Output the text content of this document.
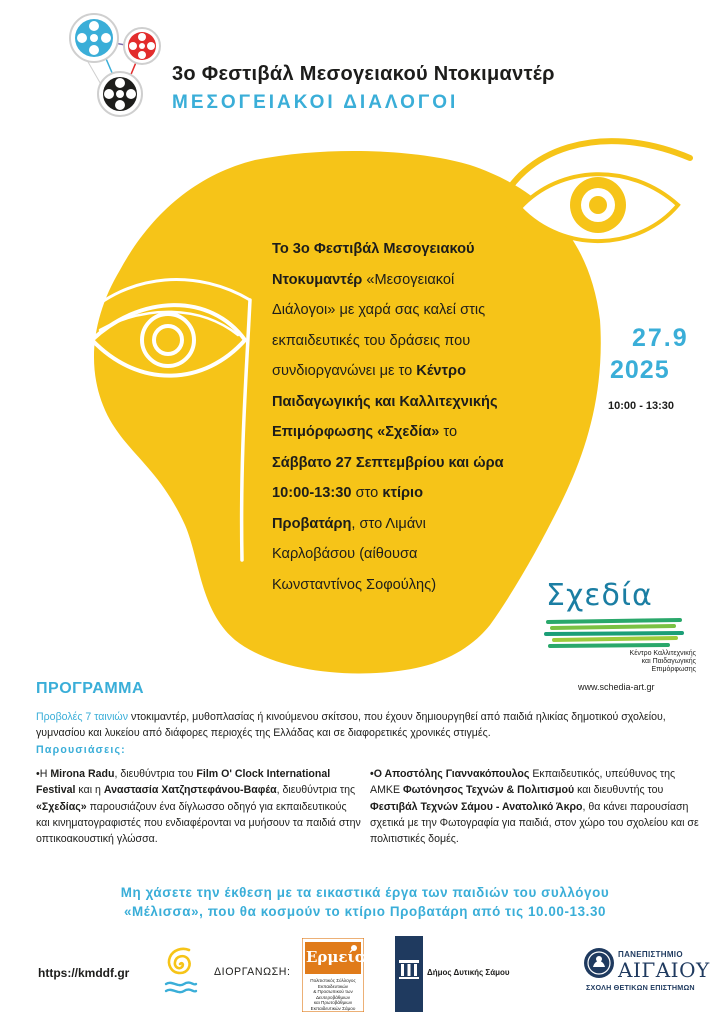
3ο Φεστιβάλ Μεσογειακού Ντοκιμαντέρ
ΜΕΣΟΓΕΙΑΚΟΙ ΔΙΑΛΟΓΟΙ
Το 3ο Φεστιβάλ Μεσογειακού
Ντοκυμαντέρ «Μεσογειακοί
Διάλογοι» με χαρά σας καλεί στις
εκπαιδευτικές του δράσεις που
συνδιοργανώνει με το Κέντρο
Παιδαγωγικής και Καλλιτεχνικής
Επιμόρφωσης «Σχεδία» το
Σάββατο 27 Σεπτεμβρίου και ώρα
10:00-13:30 στο κτίριο
Προβατάρη, στο Λιμάνι
Καρλοβάσου (αίθουσα
Κωνσταντίνος Σοφούλης)
27.9
2025
10:00 - 13:30
Σχεδία
Κέντρο Καλλιτεχνικής
και Παιδαγωγικής
Επιμόρφωσης
www.schedia-art.gr
ΠΡΟΓΡΑΜΜΑ
Προβολές 7 ταινιών ντοκιμαντέρ, μυθοπλασίας ή κινούμενου σκίτσου, που έχουν δημιουργηθεί από παιδιά ηλικίας δημοτικού σχολείου, γυμνασίου και λυκείου από διάφορες περιοχές της Ελλάδας και σε διαφορετικές χρονικές στιγμές.
Παρουσιάσεις:
•Η Mirona Radu, διευθύντρια του Film O' Clock International Festival και η Αναστασία Χατζηστεφάνου-Βαφέα, διευθύντρια της «Σχεδίας» παρουσιάζουν ένα δίγλωσσο οδηγό για εκπαιδευτικούς και κινηματογραφιστές που ενδιαφέρονται να μυήσουν τα παιδιά στην οπτικοακουστική γλώσσα.
•Ο Αποστόλης Γιαννακόπουλος Εκπαιδευτικός, υπεύθυνος της ΑΜΚΕ Φωτόνησος Τεχνών & Πολιτισμού και διευθυντής του Φεστιβάλ Τεχνών Σάμου - Ανατολικό Άκρο, θα κάνει παρουσίαση σχετικά με την Φωτογραφία για παιδιά, στον χώρο του σχολείου και σε πολιτιστικές δομές.
Μη χάσετε την έκθεση με τα εικαστικά έργα των παιδιών του συλλόγου
«Μέλισσα», που θα κοσμούν το κτίριο Προβατάρη από τις 10.00-13.30
https://kmddf.gr	ΔΙΟΡΓΑΝΩΣΗ:
Ερμείας
Πολιτιστικός Σύλλογος Εκπαιδευτικών
& Προσωπικού των Δευτεροβάθμιων
και Πρωτοβάθμιων Εκπαιδευτικών Σάμου
Δήμος Δυτικής Σάμου
ΠΑΝΕΠΙΣΤΗΜΙΟ
ΑΙΓΑΙΟΥ
ΣΧΟΛΗ ΘΕΤΙΚΩΝ ΕΠΙΣΤΗΜΩΝ
